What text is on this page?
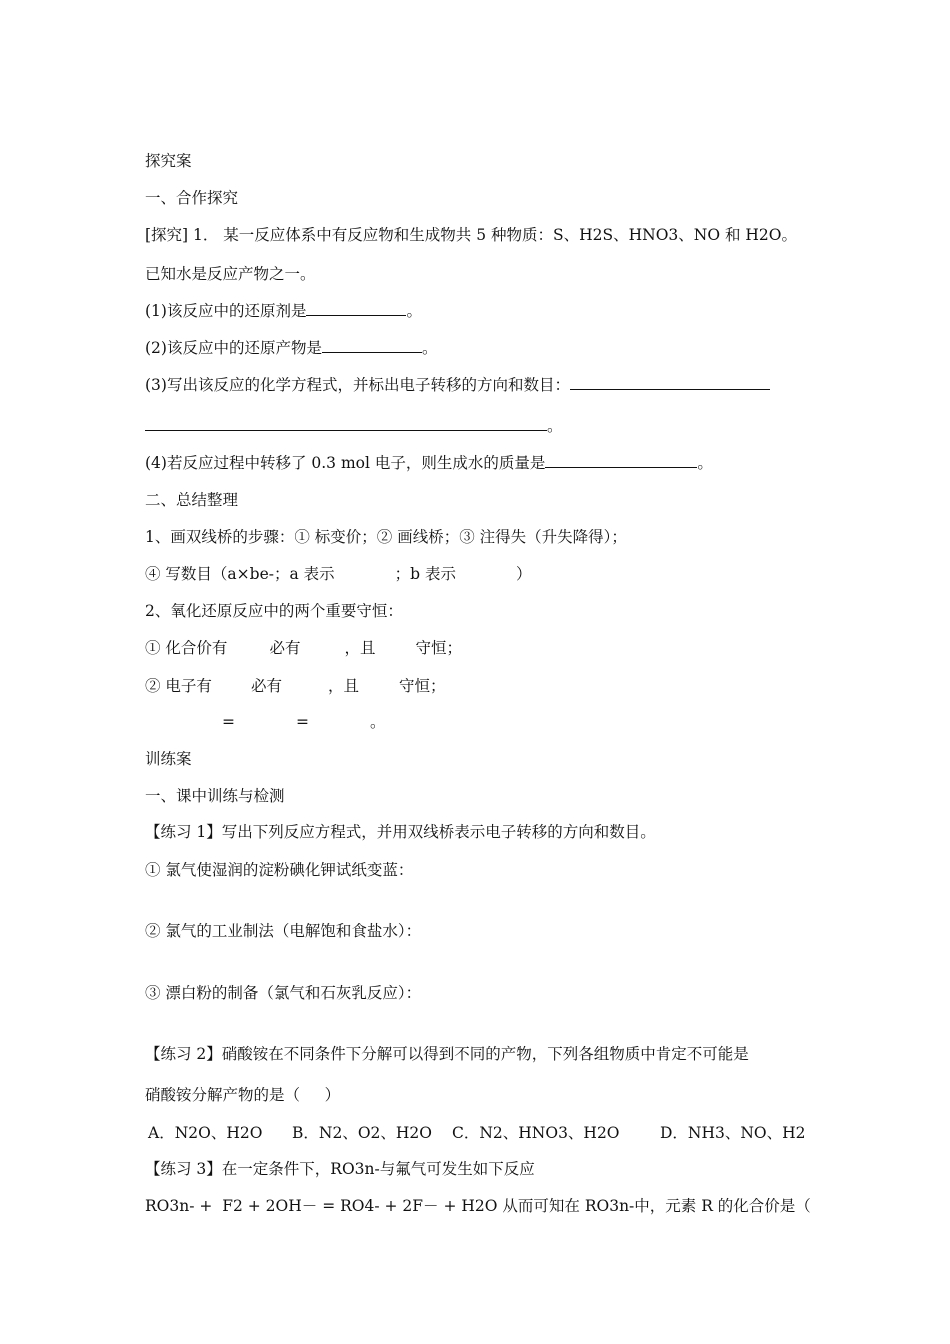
探究案
一、合作探究
[探究] 1． 某一反应体系中有反应物和生成物共 5 种物质：S、H2S、HNO3、NO 和 H2O。
已知水是反应产物之一。
(1)该反应中的还原剂是	。
(2)该反应中的还原产物是	。
(3)写出该反应的化学方程式，并标出电子转移的方向和数目：
。
(4)若反应过程中转移了 0.3 mol 电子，则生成水的质量是	。
二、总结整理
1、画双线桥的步骤：① 标变价；② 画线桥；③ 注得失（升失降得）；
④ 写数目（a×be-；a 表示	；b 表示	）
2、氧化还原反应中的两个重要守恒：
① 化合价有	必有	，且	守恒；
② 电子有	必有	，且	守恒；
=	=	。
训练案
一、课中训练与检测
【练习 1】写出下列反应方程式，并用双线桥表示电子转移的方向和数目。
① 氯气使湿润的淀粉碘化钾试纸变蓝：
② 氯气的工业制法（电解饱和食盐水）：
③ 漂白粉的制备（氯气和石灰乳反应）：
【练习 2】硝酸铵在不同条件下分解可以得到不同的产物，下列各组物质中肯定不可能是
硝酸铵分解产物的是（     ）
A．N2O、H2O B．N2、O2、H2O C．N2、HNO3、H2O	D．NH3、NO、H2
【练习 3】在一定条件下，RO3n-与氟气可发生如下反应
RO3n- +  F2 + 2OH－ = RO4- + 2F－ + H2O 从而可知在 RO3n-中，元素 R 的化合价是（
